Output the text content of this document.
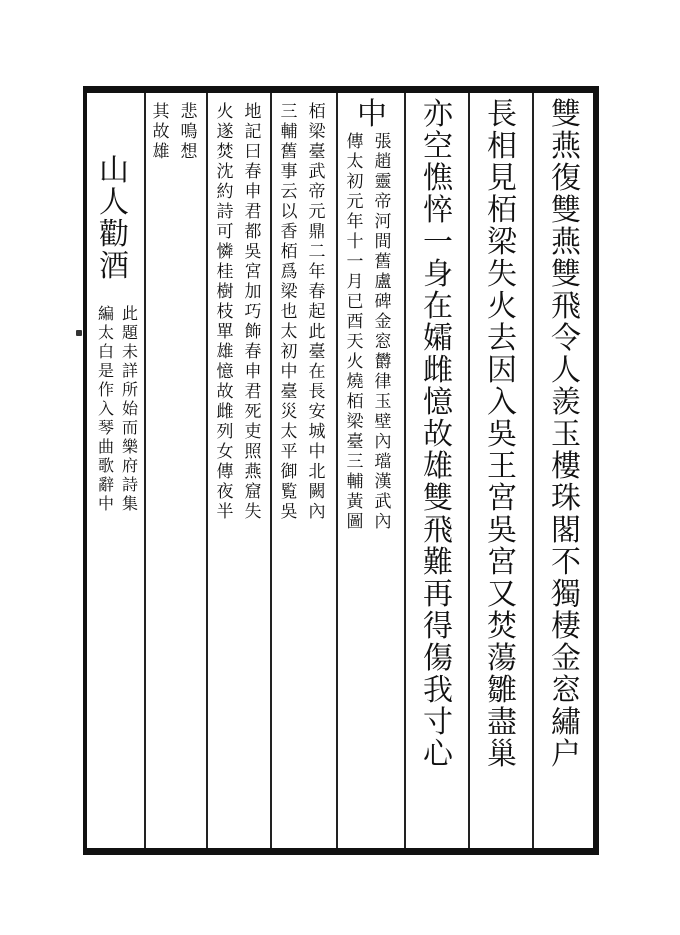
雙
燕
復
雙
燕
雙
飛
令
人
羨
玉
樓
珠
閣
不
獨
棲
金
窓
繡
户
長
相
見
栢
梁
失
火
去
因
入
吳
王
宮
吳
宮
又
焚
蕩
雛
盡
巢
亦
空
憔
悴
一
身
在
孀
雌
憶
故
雄
雙
飛
難
再
得
傷
我
寸
心
中
張
趙
靈
帝
河
間
舊
盧
碑
金
窓
欝
律
玉
壁
內
璫
漢
武
內
傳
太
初
元
年
十
一
月
已
酉
天
火
燒
栢
梁
臺
三
輔
黃
圖
栢
梁
臺
武
帝
元
鼎
二
年
春
起
此
臺
在
長
安
城
中
北
闕
內
三
輔
舊
事
云
以
香
栢
爲
梁
也
太
初
中
臺
災
太
平
御
覧
吳
地
記
曰
春
申
君
都
吳
宮
加
巧
飾
春
申
君
死
吏
照
燕
窟
失
火
遂
焚
沈
約
詩
可
憐
桂
樹
枝
單
雄
憶
故
雌
列
女
傳
夜
半
悲
鳴
想
其
故
雄
山
人
勸
酒
此
題
未
詳
所
始
而
樂
府
詩
集
編
太
白
是
作
入
琴
曲
歌
辭
中
